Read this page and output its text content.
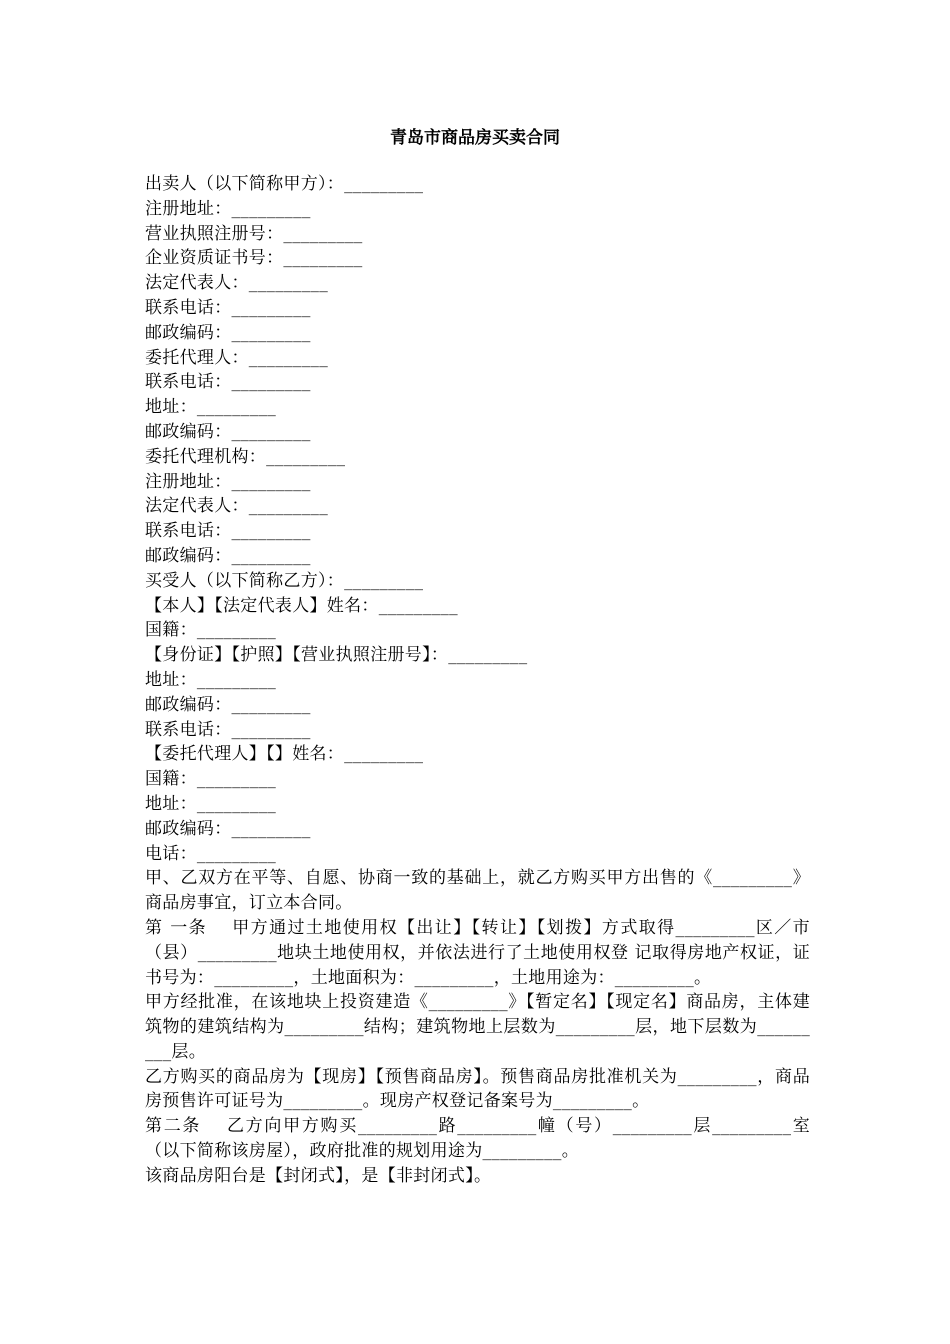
青岛市商品房买卖合同
出卖人（以下简称甲方）：_________
注册地址：_________
营业执照注册号：_________
企业资质证书号：_________
法定代表人：_________
联系电话：_________
邮政编码：_________
委托代理人：_________
联系电话：_________
地址：_________
邮政编码：_________
委托代理机构：_________
注册地址：_________
法定代表人：_________
联系电话：_________
邮政编码：_________
买受人（以下简称乙方）：_________
【本人】【法定代表人】姓名：_________
国籍：_________
【身份证】【护照】【营业执照注册号】：_________
地址：_________
邮政编码：_________
联系电话：_________
【委托代理人】【】姓名：_________
国籍：_________
地址：_________
邮政编码：_________
电话：_________
甲、乙双方在平等、自愿、协商一致的基础上，就乙方购买甲方出售的《_________》商品房事宜，订立本合同。
第 一条　 甲方通过土地使用权【出让】【转让】【划拨】方式取得_________区／市（县）_________地块土地使用权，并依法进行了土地使用权登 记取得房地产权证，证书号为：_________，土地面积为：_________，土地用途为：_________。
甲方经批准，在该地块上投资建造《_________》【暂定名】【现定名】商品房，主体建筑物的建筑结构为_________结构；建筑物地上层数为_________层，地下层数为_________层。
乙方购买的商品房为【现房】【预售商品房】。预售商品房批准机关为_________，商品房预售许可证号为_________。现房产权登记备案号为_________。
第二条　 乙方向甲方购买_________路_________幢（号）_________层_________室（以下简称该房屋），政府批准的规划用途为_________。
该商品房阳台是【封闭式】，是【非封闭式】。
